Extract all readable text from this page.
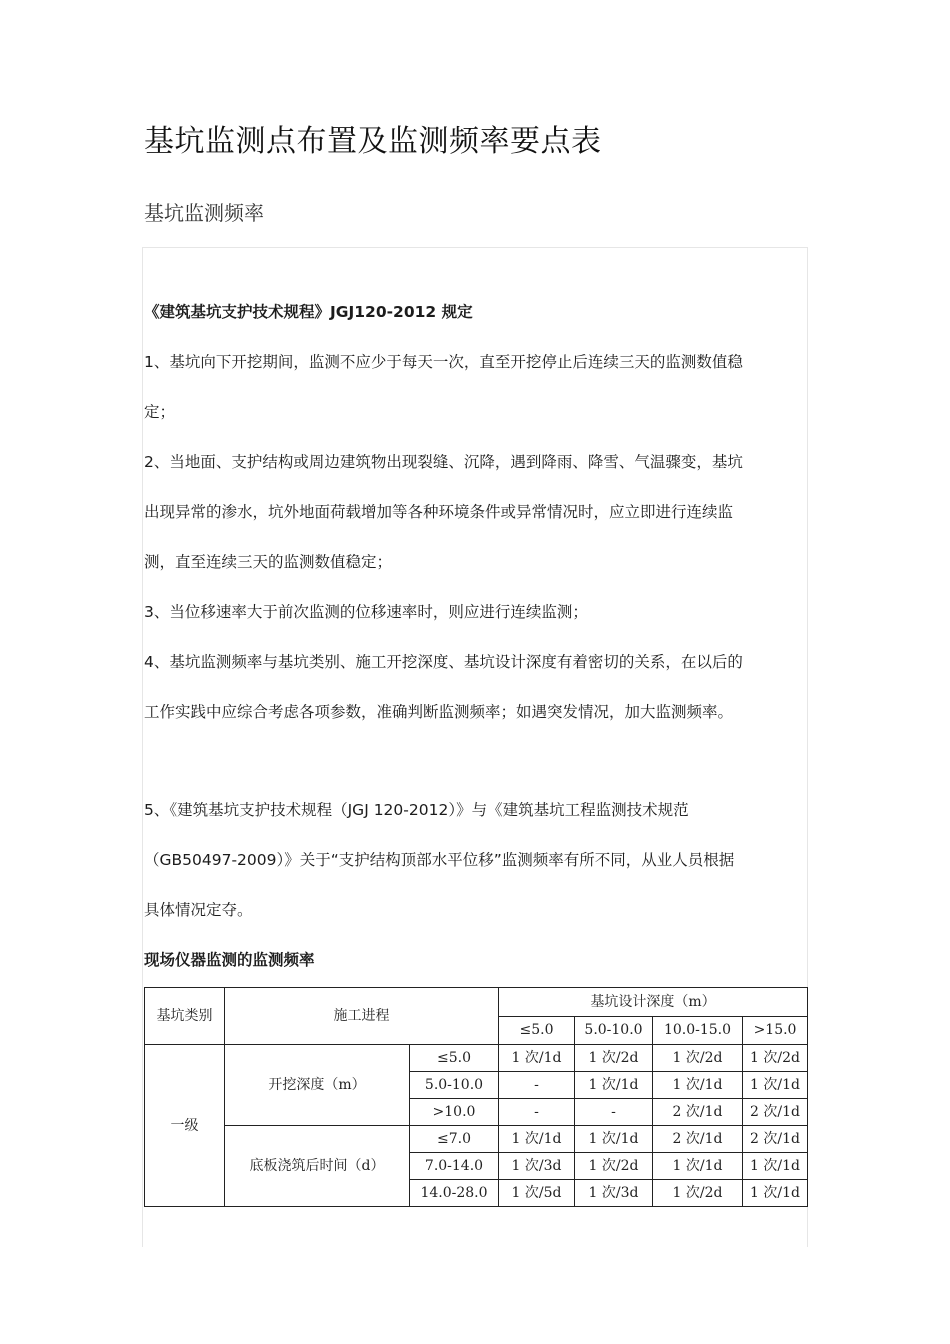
基坑监测点布置及监测频率要点表
基坑监测频率

《建筑基坑支护技术规程》JGJ120-2012 规定

1、基坑向下开挖期间，监测不应少于每天一次，直至开挖停止后连续三天的监测数值稳

定；

2、当地面、支护结构或周边建筑物出现裂缝、沉降，遇到降雨、降雪、气温骤变，基坑

出现异常的渗水，坑外地面荷载增加等各种环境条件或异常情况时，应立即进行连续监

测，直至连续三天的监测数值稳定；

3、当位移速率大于前次监测的位移速率时，则应进行连续监测；

4、基坑监测频率与基坑类别、施工开挖深度、基坑设计深度有着密切的关系，在以后的

工作实践中应综合考虑各项参数，准确判断监测频率；如遇突发情况，加大监测频率。

5、《建筑基坑支护技术规程（JGJ 120-2012）》与《建筑基坑工程监测技术规范

（GB50497-2009）》关于“支护结构顶部水平位移”监测频率有所不同，从业人员根据

具体情况定夺。

现场仪器监测的监测频率

基坑类别	施工进程		基坑设计深度（m）			
			≤5.0	5.0-10.0	10.0-15.0	>15.0
一级	开挖深度（m）	≤5.0	1 次/1d	1 次/2d	1 次/2d	1 次/2d
		5.0-10.0	-	1 次/1d	1 次/1d	1 次/1d
		>10.0	-	-	2 次/1d	2 次/1d
	底板浇筑后时间（d）	≤7.0	1 次/1d	1 次/1d	2 次/1d	2 次/1d
		7.0-14.0	1 次/3d	1 次/2d	1 次/1d	1 次/1d
		14.0-28.0	1 次/5d	1 次/3d	1 次/2d	1 次/1d
